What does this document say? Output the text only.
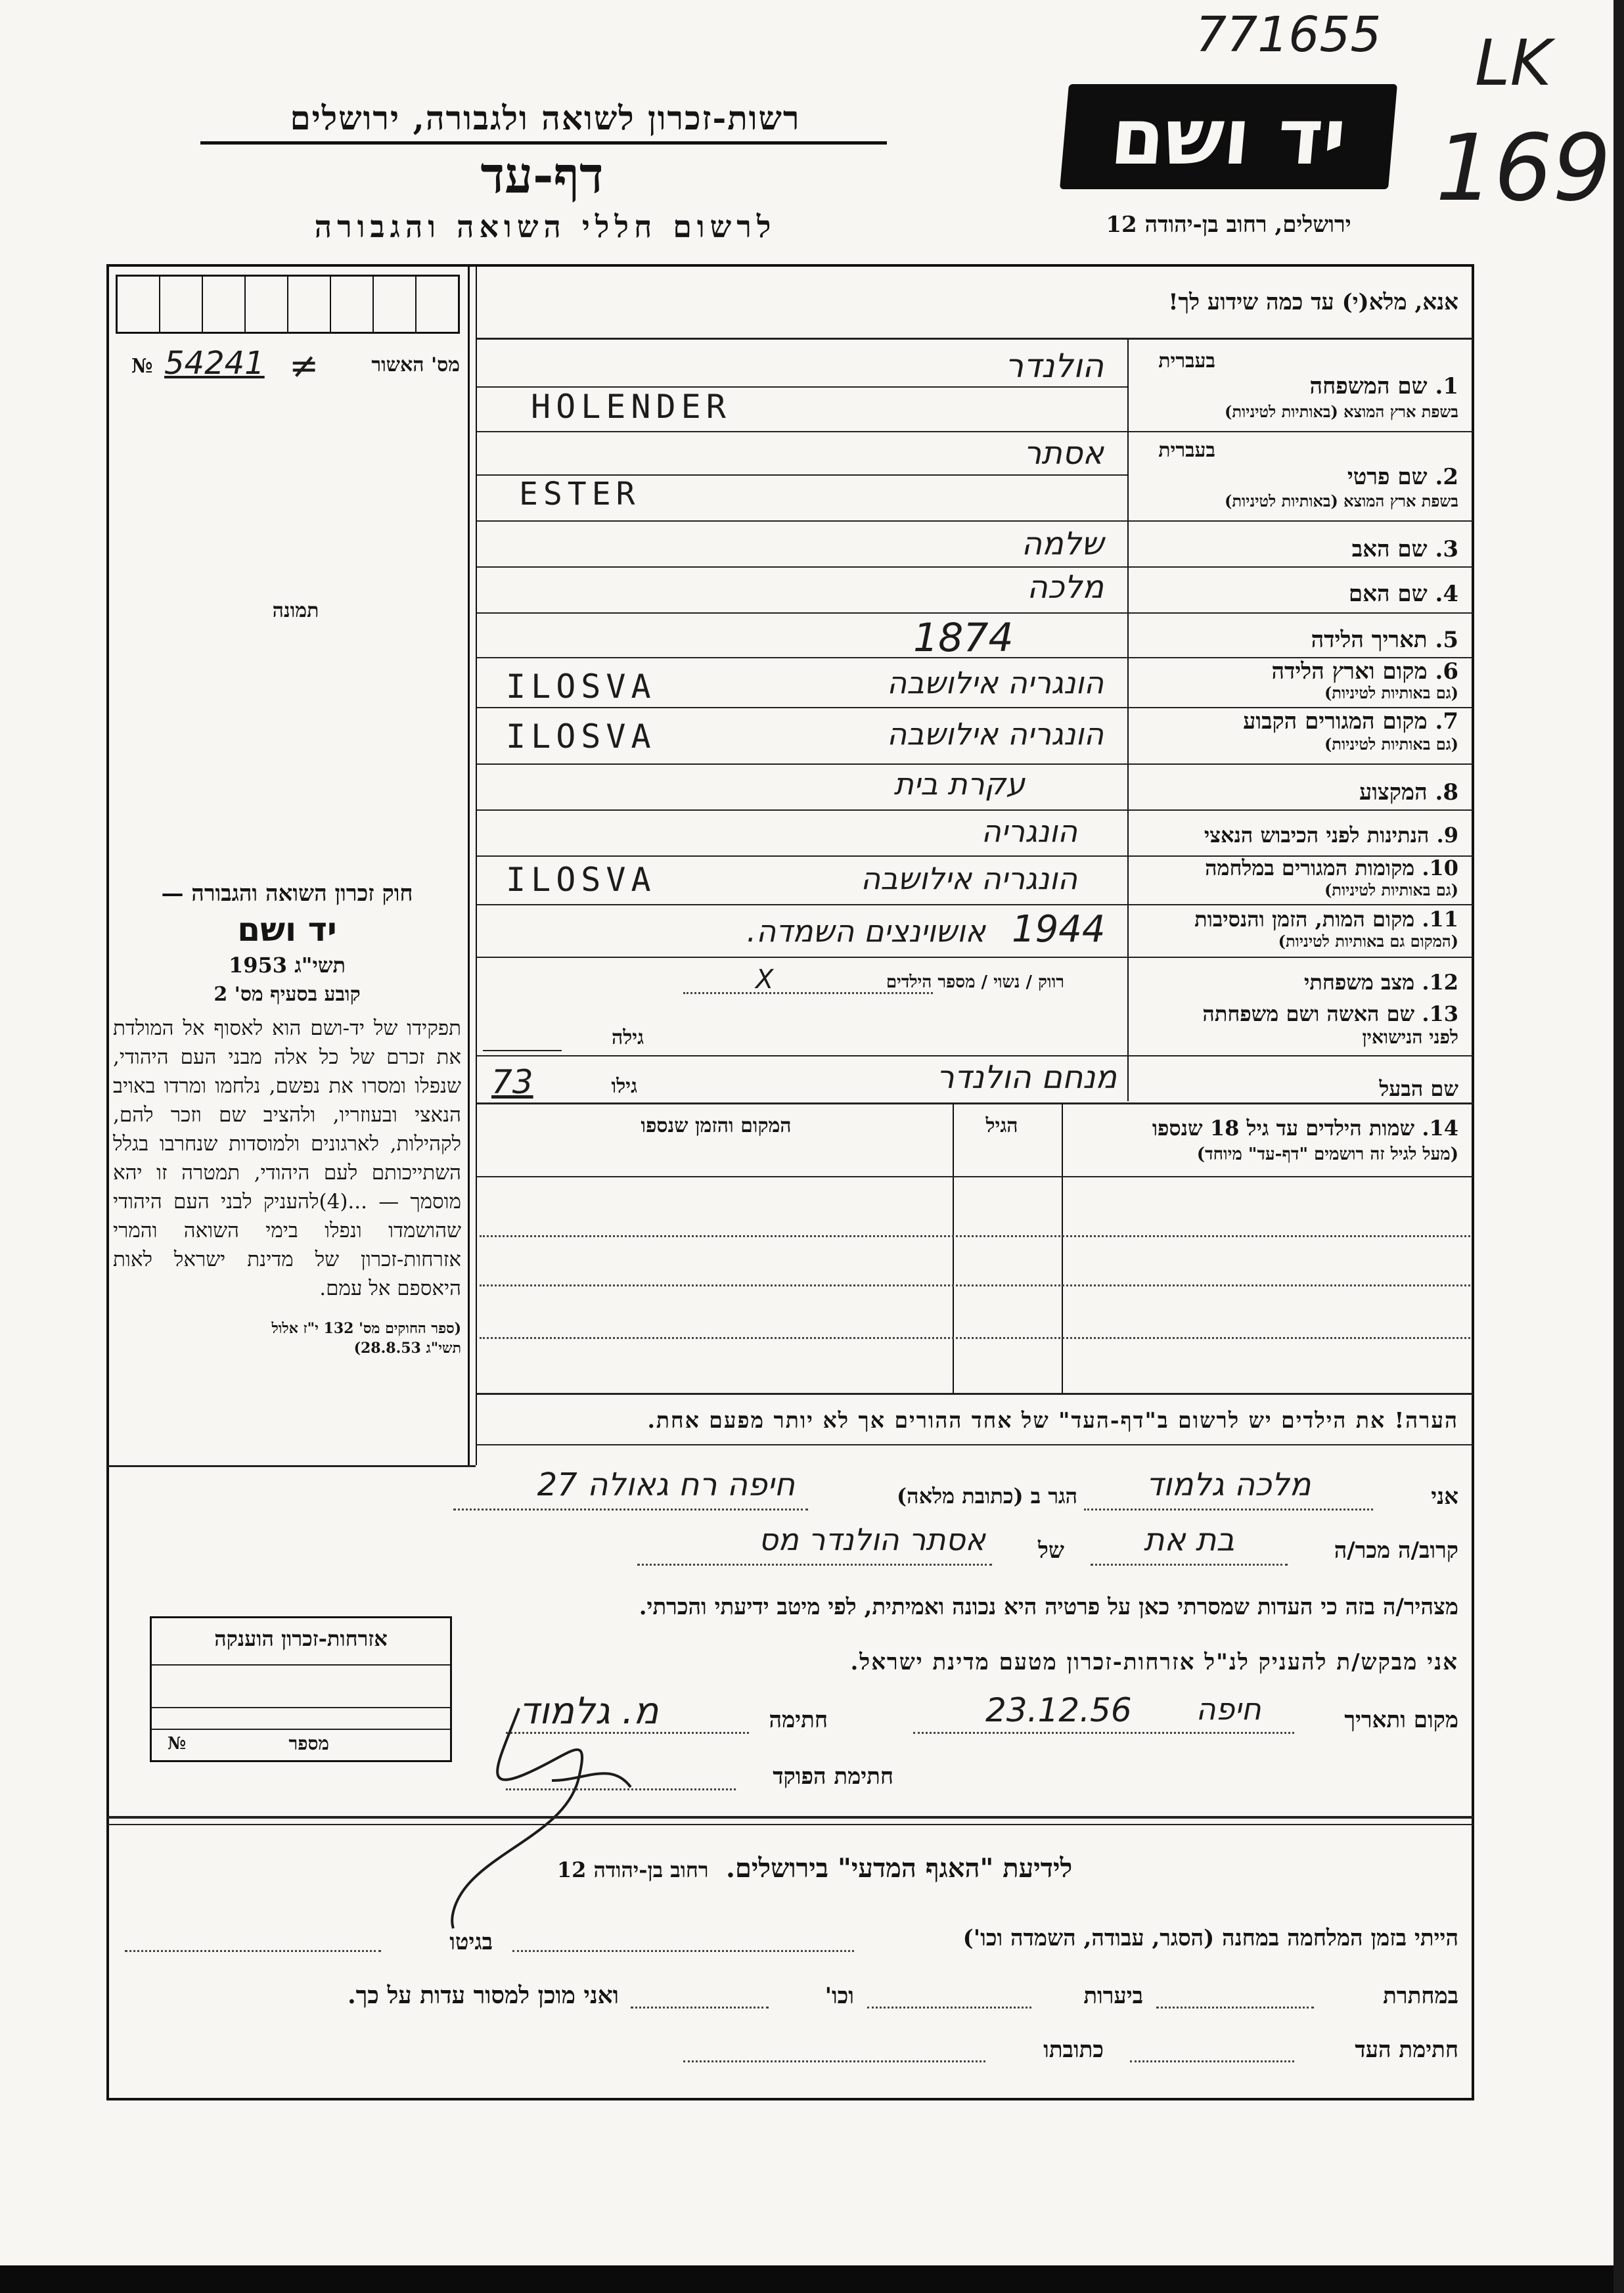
771655 LK
169
רשות-זכרון לשואה ולגבורה, ירושלים
דף-עד
לרשום חללי השואה והגבורה
יד ושם
ירושלים, רחוב בן-יהודה 12
№ 54241 ≠	מס' האשור
תמונה
חוק זכרון השואה והגבורה —
יד ושם
תשי"ג 1953
קובע בסעיף מס' 2
תפקידו של יד-ושם הוא לאסוף אל המולדת את זכרם של כל אלה מבני העם היהודי, שנפלו ומסרו את נפשם, נלחמו ומרדו באויב הנאצי ובעוזריו, ולהציב שם וזכר להם, לקהילות, לארגונים ולמוסדות שנחרבו בגלל השתייכותם לעם היהודי, תמטרה זו יהא מוסמך — ...(4)להעניק לבני העם היהודי שהושמדו ונפלו בימי השואה והמרי אזרחות-זכרון של מדינת ישראל לאות היאספם אל עמם.
(ספר החוקים מס' 132 י"ז אלול תשי"ג 28.8.53)
אנא, מלא(י) עד כמה שידוע לך!
בעברית
1. שם המשפחה
בשפת ארץ המוצא (באותיות לטיניות)
הולנדר
HOLENDER
בעברית
2. שם פרטי
בשפת ארץ המוצא (באותיות לטיניות)
אסתר
ESTER
3. שם האב
שלמה
4. שם האם
מלכה
5. תאריך הלידה
1874
6. מקום וארץ הלידה
(גם באותיות לטיניות)
הונגריה אילושבה
ILOSVA
7. מקום המגורים הקבוע
(גם באותיות לטיניות)
הונגריה אילושבה
ILOSVA
8. המקצוע
עקרת בית
9. הנתינות לפני הכיבוש הנאצי
הונגריה
10. מקומות המגורים במלחמה
(גם באותיות לטיניות)
הונגריה אילושבה
ILOSVA
11. מקום המות, הזמן והנסיבות
(המקום גם באותיות לטיניות)
אושוינצים השמדה. 1944
12. מצב משפחתי
רווק / נשוי / מספר הילדים
X
13. שם האשה ושם משפחתה
לפני הנישואין
גילה
שם הבעל
מנחם הולנדר
גילו
73
14. שמות הילדים עד גיל 18 שנספו
(מעל לגיל זה רושמים "דף-עד" מיוחד)
הגיל
המקום והזמן שנספו
הערה! את הילדים יש לרשום ב"דף-העד" של אחד ההורים אך לא יותר מפעם אחת.
אני
מלכה גלמוד
הגר ב (כתובת מלאה)
חיפה רח גאולה 27
קרוב/ה מכר/ה
בת את
של
אסתר הולנדר מס
מצהיר/ה בזה כי העדות שמסרתי כאן על פרטיה היא נכונה ואמיתית, לפי מיטב ידיעתי והכרתי.
אני מבקש/ת להעניק לנ"ל אזרחות-זכרון מטעם מדינת ישראל.
אזרחות-זכרון הוענקה
№	מספר
מקום ותאריך
חיפה
23.12.56
חתימה
מ. גלמוד
חתימת הפוקד
לידיעת "האגף המדעי" בירושלים.  רחוב בן-יהודה 12
הייתי בזמן המלחמה במחנה (הסגר, עבודה, השמדה וכו')
בגיטו
במחתרת
ביערות
וכו'
ואני מוכן למסור עדות על כך.
חתימת העד
כתובתו
